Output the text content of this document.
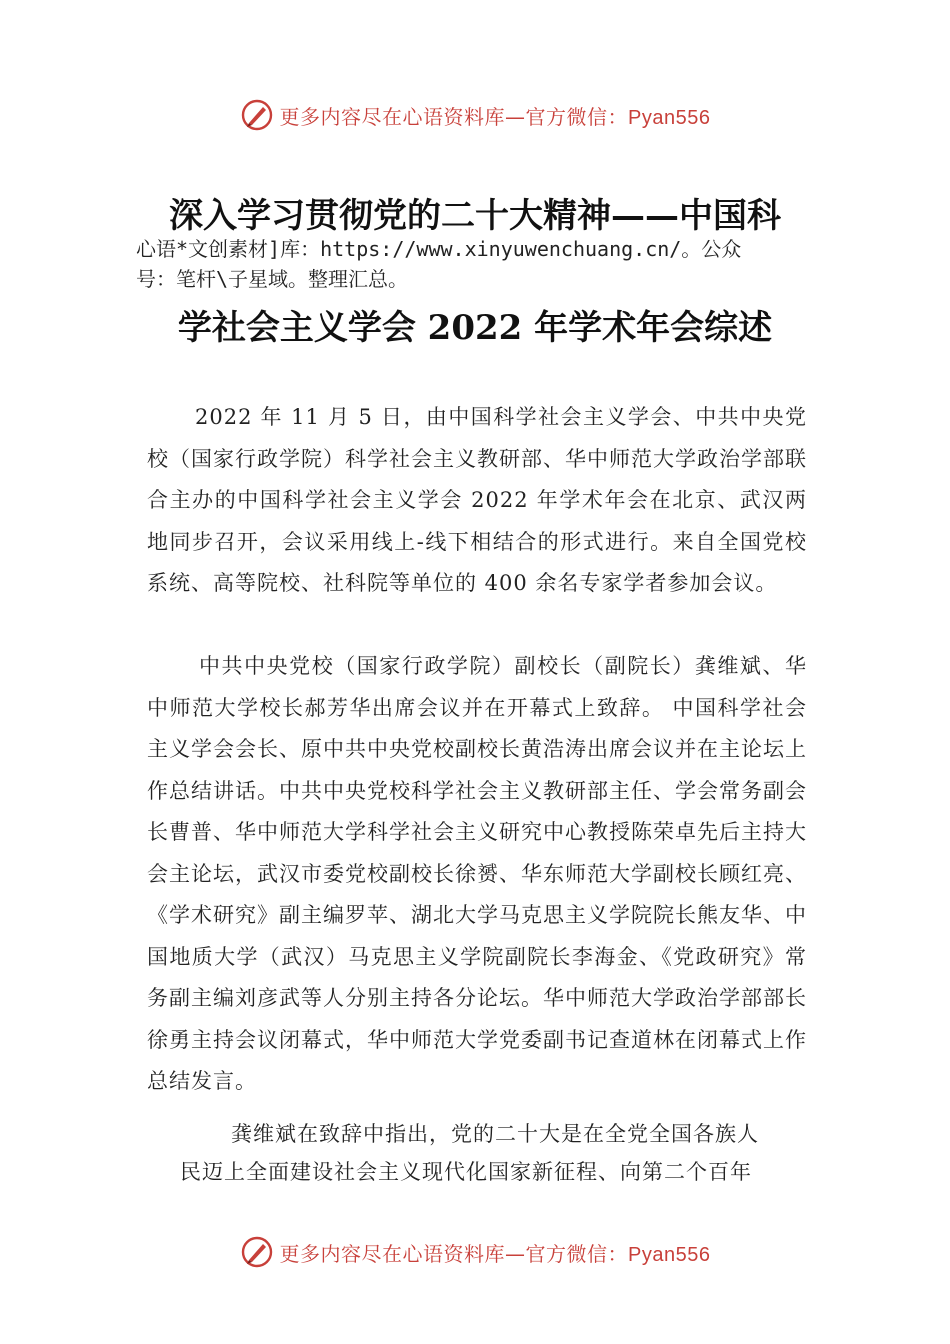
更多内容尽在心语资料库—官方微信：Pyan556
深入学习贯彻党的二十大精神——中国科
心语*文创素材]库：https://www.xinyuwenchuang.cn/。公众
号：笔杆\子星域。整理汇总。
学社会主义学会 2022 年学术年会综述
2022 年 11 月 5 日，由中国科学社会主义学会、中共中央党校（国家行政学院）科学社会主义教研部、华中师范大学政治学部联合主办的中国科学社会主义学会 2022 年学术年会在北京、武汉两地同步召开，会议采用线上-线下相结合的形式进行。来自全国党校系统、高等院校、社科院等单位的 400 余名专家学者参加会议。
中共中央党校（国家行政学院）副校长（副院长）龚维斌、华中师范大学校长郝芳华出席会议并在开幕式上致辞。 中国科学社会主义学会会长、原中共中央党校副校长黄浩涛出席会议并在主论坛上作总结讲话。中共中央党校科学社会主义教研部主任、学会常务副会长曹普、华中师范大学科学社会主义研究中心教授陈荣卓先后主持大会主论坛，武汉市委党校副校长徐赟、华东师范大学副校长顾红亮、《学术研究》副主编罗苹、湖北大学马克思主义学院院长熊友华、中国地质大学（武汉）马克思主义学院副院长李海金、《党政研究》常务副主编刘彦武等人分别主持各分论坛。华中师范大学政治学部部长徐勇主持会议闭幕式，华中师范大学党委副书记查道林在闭幕式上作总结发言。
龚维斌在致辞中指出，党的二十大是在全党全国各族人
民迈上全面建设社会主义现代化国家新征程、向第二个百年
更多内容尽在心语资料库—官方微信：Pyan556
